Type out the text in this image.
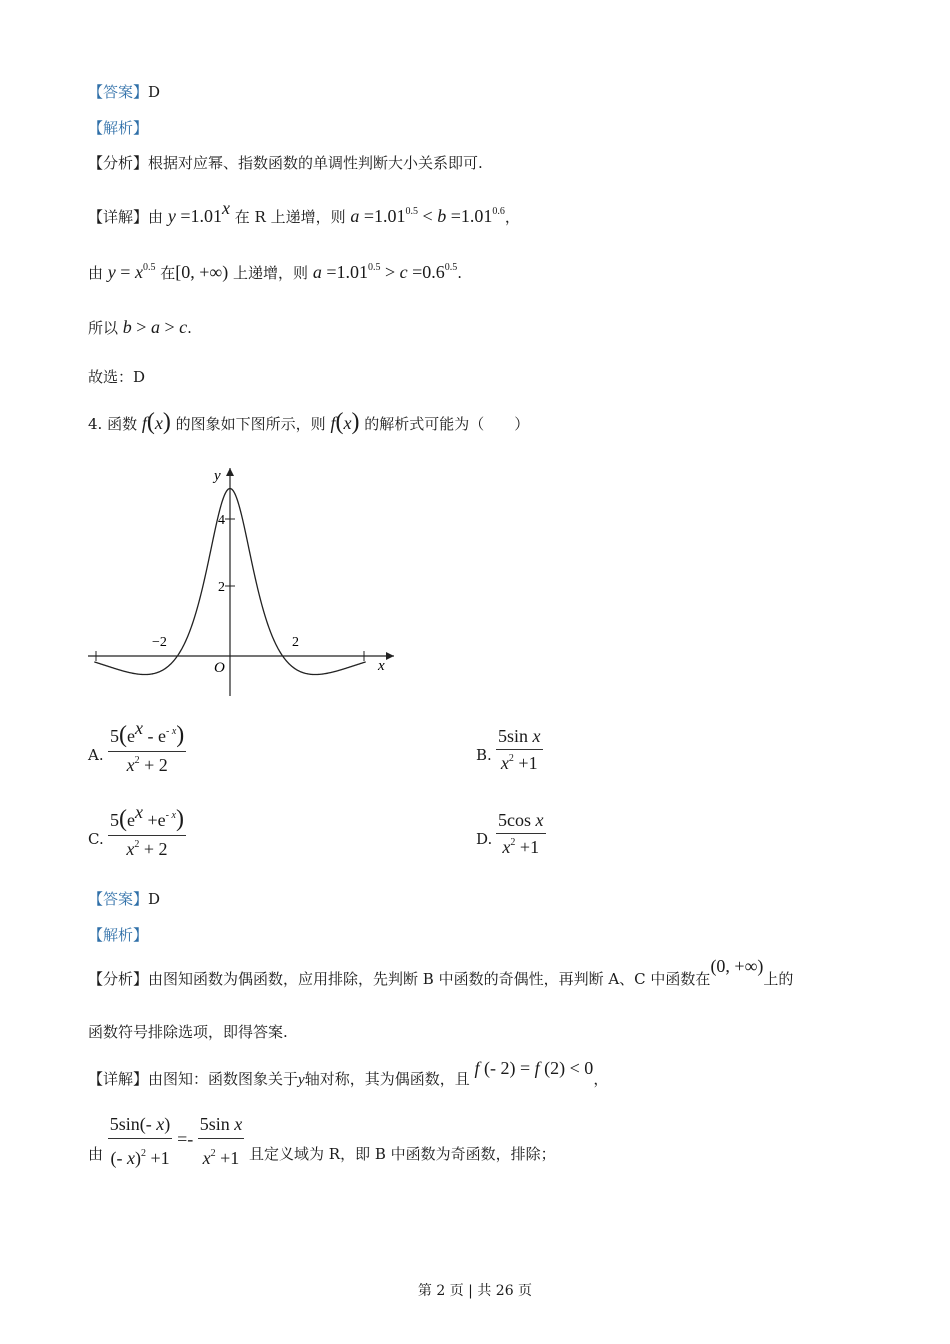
【答案】D
【解析】
【分析】根据对应幂、指数函数的单调性判断大小关系即可.
【详解】由 $y =1.01^x$ 在 R 上递增，则 $a =1.01^{0.5} < b =1.01^{0.6}$，
由 $y = x^{0.5}$ 在[0, +∞) 上递增，则 $a =1.01^{0.5} > c =0.6^{0.5}$.
所以 b > a > c.
故选：D
4. 函数 f(x) 的图象如下图所示，则 f(x) 的解析式可能为（　　）
y
x
O
4
2
−2	2
A. $\frac{5(e^x - e^{- x})}{x^2 + 2}$	B. $\frac{\text{5sin x}}{x^2 +1}$
C. $\frac{5(e^x +e^{- x})}{x^2 + 2}$	D. $\frac{\text{5cos x}}{x^2 +1}$
【答案】D
【解析】
【分析】由图知函数为偶函数，应用排除，先判断 B 中函数的奇偶性，再判断 A、C 中函数在(0, +∞)上的
函数符号排除选项，即得答案.
【详解】由图知：函数图象关于y轴对称，其为偶函数，且 f (- 2) = f (2) < 0，
由 $\frac{5\sin(- x)}{(- x)^2 +1} =- \frac{\text{5sin x}}{x^2 +1}$ 且定义域为 R，即 B 中函数为奇函数，排除；
第 2 页 | 共 26 页
